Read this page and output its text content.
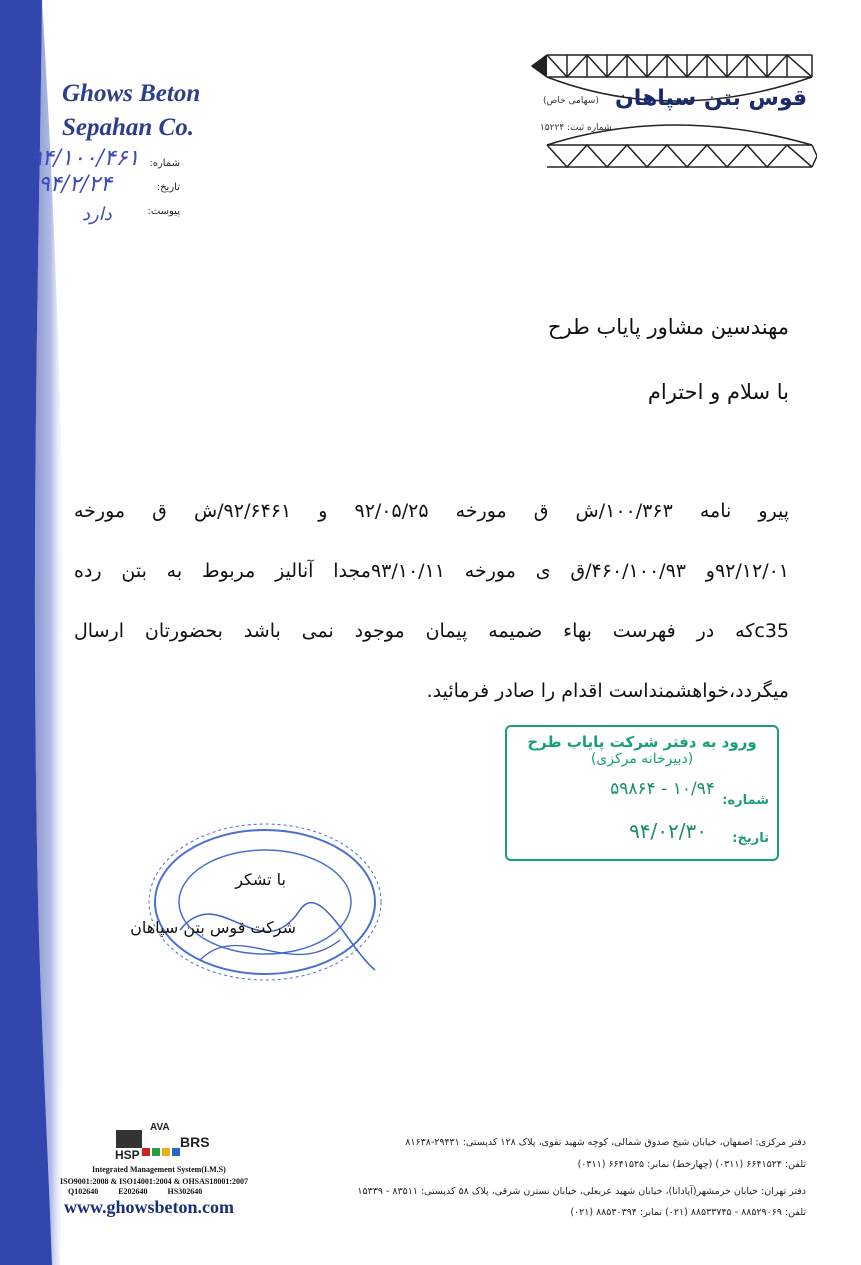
Ghows Beton
Sepahan Co.
شماره:
تاریخ:
پیوست:
۹۴/۱۰۰/۴۶۱
۹۴/۲/۲۴
دارد
قوس بتن سپاهان
(سهامی خاص)
شماره ثبت: ۱۵۲۲۴
مهندسین مشاور پایاب طرح
با سلام و احترام
پیرو نامه ۱۰۰/۳۶۳/ش ق مورخه ۹۲/۰۵/۲۵ و ۹۲/۶۴۶۱/ش ق مورخه
۹۲/۱۲/۰۱و ۴۶۰/۱۰۰/۹۳/ق ی مورخه ۹۳/۱۰/۱۱مجدا آنالیز مربوط به بتن رده
c35که در فهرست بهاء ضمیمه پیمان موجود نمی باشد بحضورتان ارسال
میگردد،خواهشمنداست اقدام را صادر فرمائید.
ورود به دفتر شرکت پایاب طرح
(دبیرخانه مرکزی)
شماره:
۱۰/۹۴ - ۵۹۸۶۴
تاریخ:
۹۴/۰۲/۳۰
با تشکر
شرکت قوس بتن سپاهان
AVA
BRS
HSP
Integrated Management System(I.M.S)
ISO9001:2008 & ISO14001:2004 & OHSAS18001:2007
Q102640          E202640          HS302640
www.ghowsbeton.com
دفتر مرکزی: اصفهان، خیابان شیخ صدوق شمالی، کوچه شهید تقوی، پلاک ۱۲۸ کدپستی: ۲۹۴۳۱-۸۱۶۳۸
تلفن: ۶۶۴۱۵۲۴ (۰۳۱۱) (چهارخط) نمابر: ۶۶۴۱۵۲۵ (۰۳۱۱)
دفتر تهران: خیابان خرمشهر(آپادانا)، خیابان شهید عربعلی، خیابان نسترن شرقی، پلاک ۵۸ کدپستی: ۸۳۵۱۱ - ۱۵۳۳۹
تلفن: ۸۸۵۲۹۰۶۹ - ۸۸۵۳۳۷۴۵ (۰۲۱) نمابر: ۸۸۵۳۰۳۹۴ (۰۲۱)
